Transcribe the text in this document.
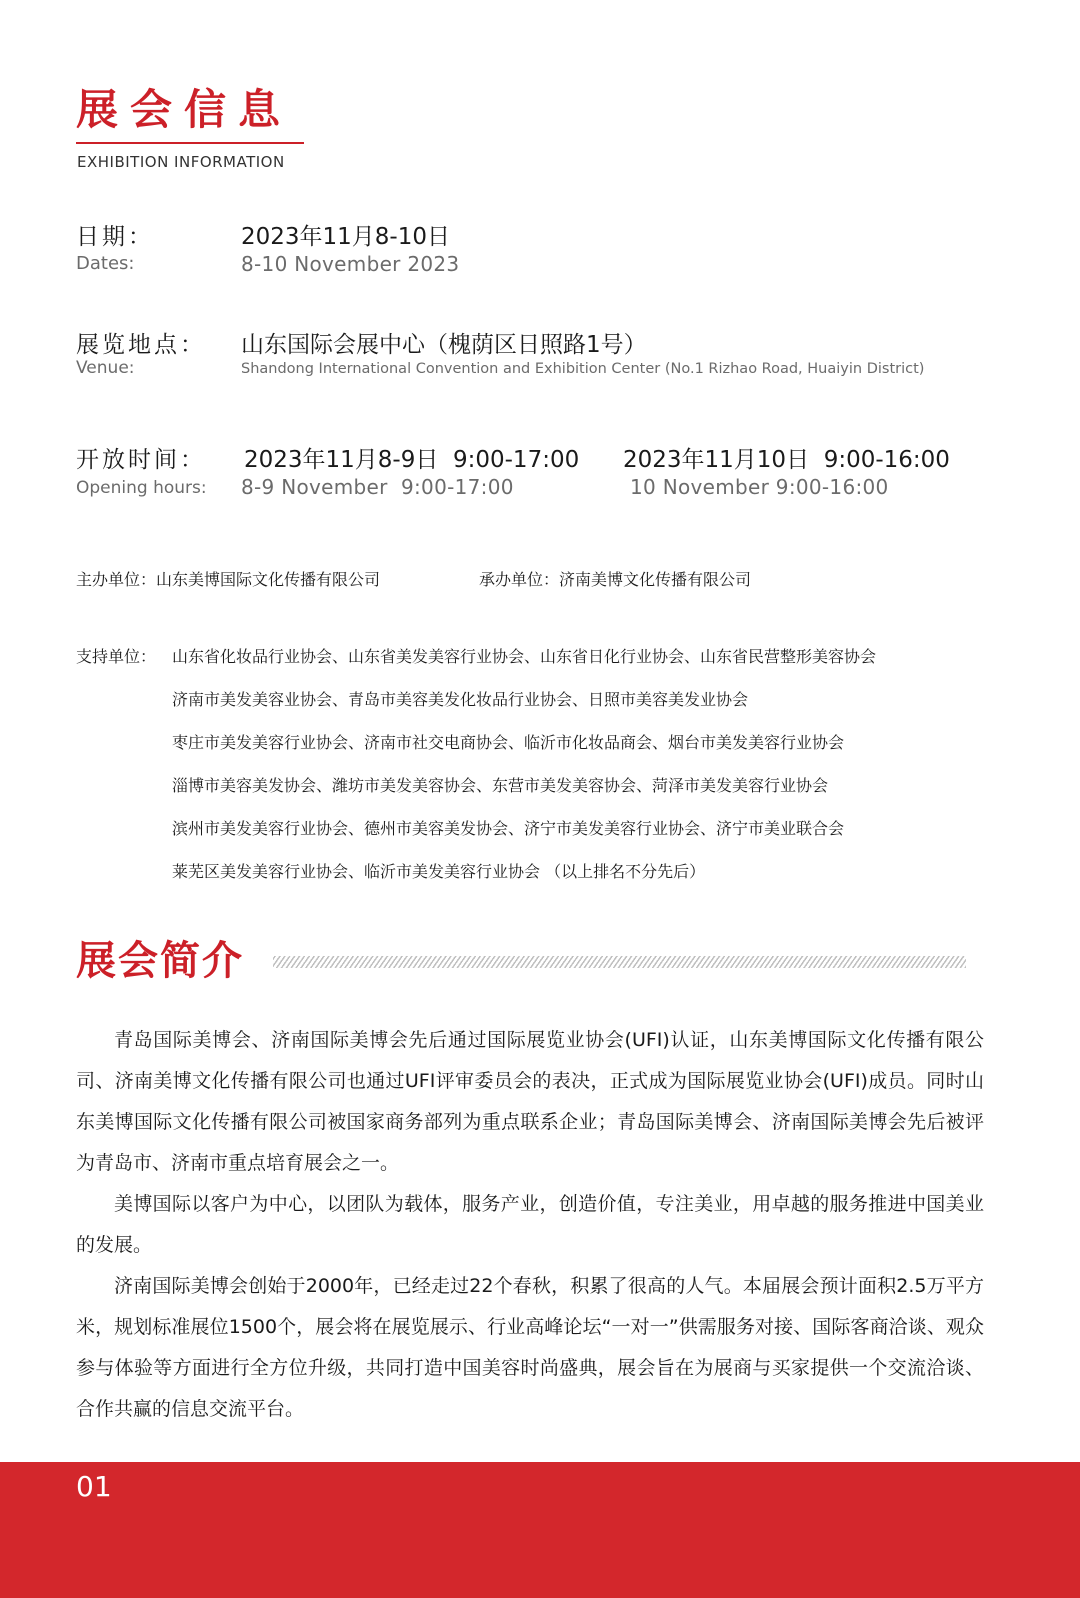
展会信息
EXHIBITION INFORMATION
日期：
Dates:
2023年11月8-10日
8-10 November 2023
展览地点：
Venue:
山东国际会展中心（槐荫区日照路1号）
Shandong International Convention and Exhibition Center (No.1 Rizhao Road, Huaiyin District)
开放时间：
Opening hours:
2023年11月8-9日  9:00-17:00
8-9 November  9:00-17:00
2023年11月10日  9:00-16:00
10 November 9:00-16:00
主办单位：山东美博国际文化传播有限公司	承办单位：济南美博文化传播有限公司
支持单位： 山东省化妆品行业协会、山东省美发美容行业协会、山东省日化行业协会、山东省民营整形美容协会
济南市美发美容业协会、青岛市美容美发化妆品行业协会、日照市美容美发业协会
枣庄市美发美容行业协会、济南市社交电商协会、临沂市化妆品商会、烟台市美发美容行业协会
淄博市美容美发协会、潍坊市美发美容协会、东营市美发美容协会、菏泽市美发美容行业协会
滨州市美发美容行业协会、德州市美容美发协会、济宁市美发美容行业协会、济宁市美业联合会
莱芜区美发美容行业协会、临沂市美发美容行业协会 （以上排名不分先后）
展会简介

青岛国际美博会、济南国际美博会先后通过国际展览业协会(UFI)认证，山东美博国际文化传播有限公司、济南美博文化传播有限公司也通过UFI评审委员会的表决，正式成为国际展览业协会(UFI)成员。同时山东美博国际文化传播有限公司被国家商务部列为重点联系企业；青岛国际美博会、济南国际美博会先后被评为青岛市、济南市重点培育展会之一。

美博国际以客户为中心，以团队为载体，服务产业，创造价值，专注美业，用卓越的服务推进中国美业的发展。

济南国际美博会创始于2000年，已经走过22个春秋，积累了很高的人气。本届展会预计面积2.5万平方米，规划标准展位1500个，展会将在展览展示、行业高峰论坛“一对一”供需服务对接、国际客商洽谈、观众参与体验等方面进行全方位升级，共同打造中国美容时尚盛典，展会旨在为展商与买家提供一个交流洽谈、合作共赢的信息交流平台。

01
